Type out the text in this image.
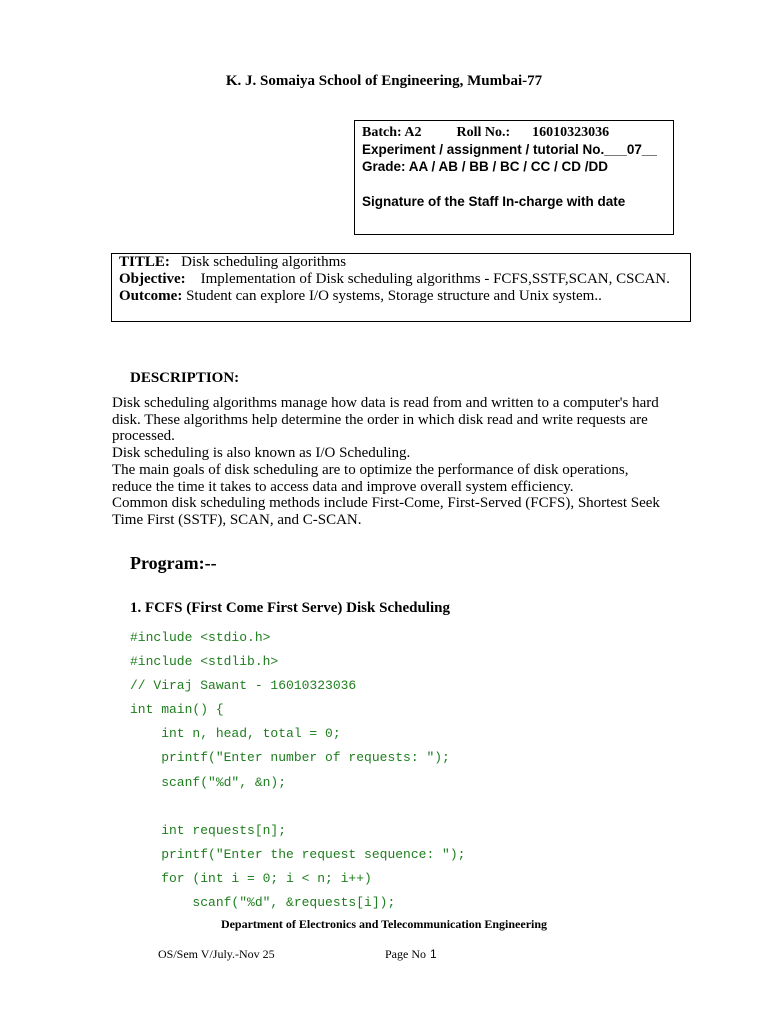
K. J. Somaiya School of Engineering, Mumbai-77
Batch: A2	Roll No.: 16010323036
Experiment / assignment / tutorial No.___07__
Grade: AA / AB / BB / BC / CC / CD /DD
Signature of the Staff In-charge with date
TITLE: Disk scheduling algorithms
Objective: Implementation of Disk scheduling algorithms - FCFS,SSTF,SCAN, CSCAN.
Outcome: Student can explore I/O systems, Storage structure and Unix system..
DESCRIPTION:

Disk scheduling algorithms manage how data is read from and written to a computer's hard disk. These algorithms help determine the order in which disk read and write requests are processed.

Disk scheduling is also known as I/O Scheduling.

The main goals of disk scheduling are to optimize the performance of disk operations, reduce the time it takes to access data and improve overall system efficiency.

Common disk scheduling methods include First-Come, First-Served (FCFS), Shortest Seek Time First (SSTF), SCAN, and C-SCAN.

Program:--
1. FCFS (First Come First Serve) Disk Scheduling
#include <stdio.h>
#include <stdlib.h>
// Viraj Sawant - 16010323036
int main() {
int n, head, total = 0;
printf("Enter number of requests: ");
scanf("%d", &n);
int requests[n];
printf("Enter the request sequence: ");
for (int i = 0; i < n; i++)
scanf("%d", &requests[i]);
Department of Electronics and Telecommunication Engineering
OS/Sem V/July.-Nov 25	Page No 1
